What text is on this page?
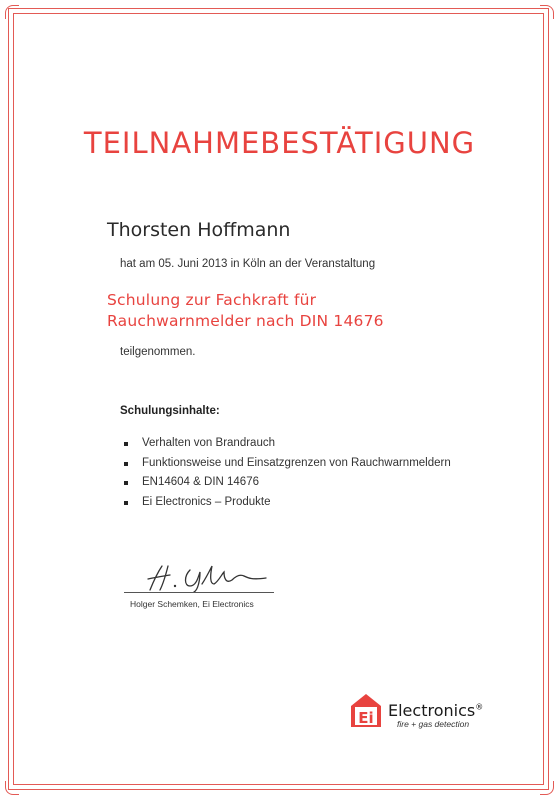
TEILNAHMEBESTÄTIGUNG
Thorsten Hoffmann
hat am 05. Juni 2013 in Köln an der Veranstaltung
Schulung zur Fachkraft für
Rauchwarnmelder nach DIN 14676
teilgenommen.
Schulungsinhalte:
Verhalten von Brandrauch
Funktionsweise und Einsatzgrenzen von Rauchwarnmeldern
EN14604 & DIN 14676
Ei Electronics – Produkte
Holger Schemken, Ei Electronics
Ei Electronics®
fire + gas detection
